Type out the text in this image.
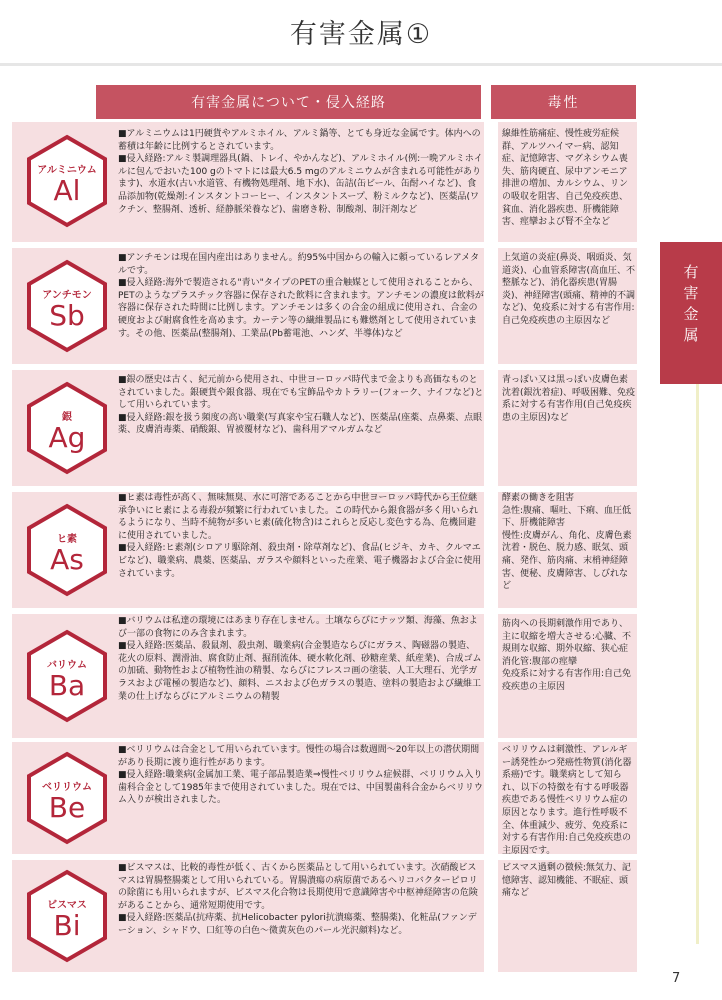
有害金属①
有害金属
有害金属について・侵入経路	毒性
アルミニウム
Al
■アルミニウムは1円硬貨やアルミホイル、アルミ鍋等、とても身近な金属です。体内への蓄積は年齢に比例するとされています。
■侵入経路:アルミ製調理器具(鍋、トレイ、やかんなど)、アルミホイル(例:一晩アルミホイルに包んでおいた100 gのトマトには最大6.5 mgのアルミニウムが含まれる可能性があります)、水道水(古い水道管、有機物処理剤、地下水)、缶詰(缶ビール、缶酎ハイなど)、食品添加物(乾燥剤:インスタントコーヒー、インスタントスープ、粉ミルクなど)、医薬品(ワクチン、整腸剤、透析、経静脈栄養など)、歯磨き粉、制酸剤、制汗剤など
線維性筋痛症、慢性疲労症候群、アルツハイマー病、認知症、記憶障害、マグネシウム喪失、筋肉硬直、尿中アンモニア排泄の増加、カルシウム、リンの吸収を阻害、自己免疫疾患、貧血、消化器疾患、肝機能障害、痙攣および腎不全など
アンチモン
Sb
■アンチモンは現在国内産出はありません。約95%中国からの輸入に頼っているレアメタルです。
■侵入経路:海外で製造される"青い"タイプのPETの重合触媒として使用されることから、PETのようなプラスチック容器に保存された飲料に含まれます。アンチモンの濃度は飲料が容器に保存された時間に比例します。アンチモンは多くの合金の組成に使用され、合金の硬度および耐腐食性を高めます。カーテン等の繊維製品にも難燃剤として使用されています。その他、医薬品(整腸剤)、工業品(Pb蓄電池、ハンダ、半導体)など
上気道の炎症(鼻炎、咽頭炎、気道炎)、心血管系障害(高血圧、不整脈など)、消化器疾患(胃腸炎)、神経障害(頭痛、精神的不調など)、免疫系に対する有害作用:自己免疫疾患の主原因など
銀
Ag
■銀の歴史は古く、紀元前から使用され、中世ヨーロッパ時代まで金よりも高価なものとされていました。銀硬貨や銀食器、現在でも宝飾品やカトラリー(フォーク、ナイフなど)として用いられています。
■侵入経路:銀を扱う頻度の高い職業(写真家や宝石職人など)、医薬品(座薬、点鼻薬、点眼薬、皮膚消毒薬、硝酸銀、胃被覆材など)、歯科用アマルガムなど
青っぽい又は黒っぽい皮膚色素沈着(銀沈着症)、呼吸困難、免疫系に対する有害作用(自己免疫疾患の主原因)など
ヒ素
As
■ヒ素は毒性が高く、無味無臭、水に可溶であることから中世ヨーロッパ時代から王位継承争いにヒ素による毒殺が頻繁に行われていました。この時代から銀食器が多く用いられるようになり、当時不純物が多いヒ素(硫化物含)はこれらと反応し変色する為、危機回避に使用されていました。
■侵入経路:ヒ素剤(シロアリ駆除剤、殺虫剤・除草剤など)、食品(ヒジキ、カキ、クルマエビなど)、職業病、農薬、医薬品、ガラスや顔料といった産業、電子機器および合金に使用されています。
酵素の働きを阻害
急性:腹痛、嘔吐、下痢、血圧低下、肝機能障害
慢性:皮膚がん、角化、皮膚色素沈着・脱色、脱力感、眠気、頭痛、発作、筋肉痛、末梢神経障害、便秘、皮膚障害、しびれなど
バリウム
Ba
■バリウムは私達の環境にはあまり存在しません。土壌ならびにナッツ類、海藻、魚および一部の食物にのみ含まれます。
■侵入経路:医薬品、殺鼠剤、殺虫剤、職業病(合金製造ならびにガラス、陶磁器の製造、花火の原料、潤滑油、腐食防止剤、掘削流体、硬水軟化剤、砂糖産業、紙産業)、合成ゴムの加硫、動物性および植物性油の精製、ならびにフレスコ画の塗装、人工大理石、光学ガラスおよび電極の製造など)、顔料、ニスおよび色ガラスの製造、塗料の製造および繊維工業の仕上げならびにアルミニウムの精製
筋肉への長期刺激作用であり、主に収縮を増大させる:心臓、不規則な収縮、期外収縮、狭心症
消化管:腹部の痙攣
免疫系に対する有害作用:自己免疫疾患の主原因
ベリリウム
Be
■ベリリウムは合金として用いられています。慢性の場合は数週間〜20年以上の潜伏期間があり長期に渡り進行性があります。
■侵入経路:職業病(金属加工業、電子部品製造業⇒慢性ベリリウム症候群、ベリリウム入り歯科合金として1985年まで使用されていました。現在では、中国製歯科合金からベリリウム入りが検出されました。
ベリリウムは刺激性、アレルギー誘発性かつ発癌性物質(消化器系癌)です。職業病として知られ、以下の特徴を有する呼吸器疾患である慢性ベリリウム症の原因となります。進行性呼吸不全、体重減少、疲労、免疫系に対する有害作用:自己免疫疾患の主原因です。
ビスマス
Bi
■ビスマスは、比較的毒性が低く、古くから医薬品として用いられています。次硝酸ビスマスは胃腸整腸薬として用いられている。胃腸潰瘍の病原菌であるヘリコバクターピロリの除菌にも用いられますが、ビスマス化合物は長期使用で意識障害や中枢神経障害の危険があることから、通常短期使用です。
■侵入経路:医薬品(抗痔薬、抗Helicobacter pylori抗潰瘍薬、整腸薬)、化粧品(ファンデーション、シャドウ、口紅等の白色〜微黄灰色のパール光沢顔料)など。
ビスマス過剰の徴候:無気力、記憶障害、認知機能、不眠症、頭痛など
7
